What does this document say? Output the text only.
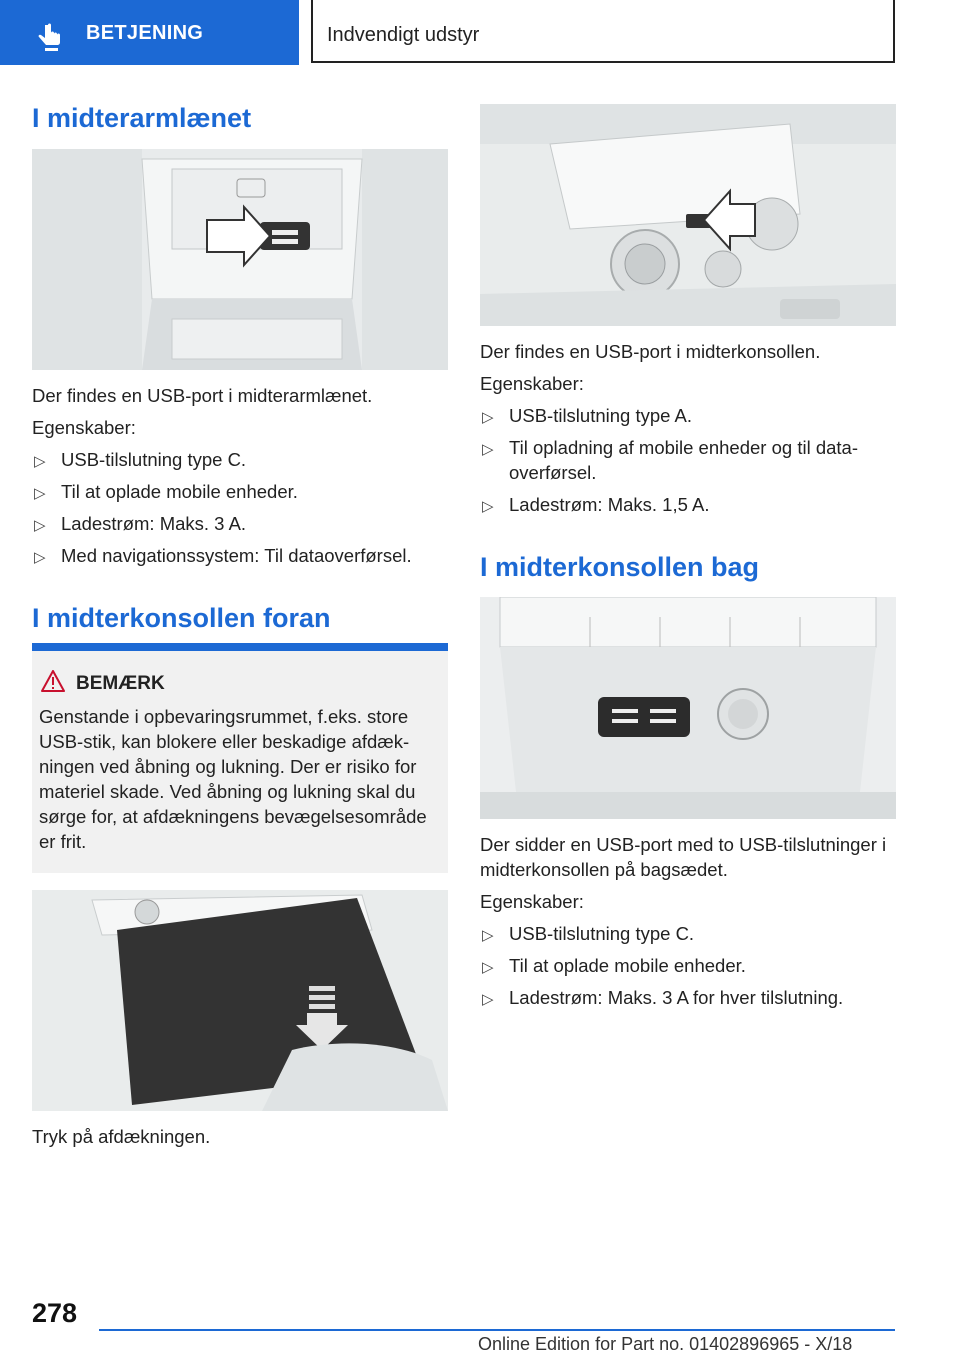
BETJENING	Indvendigt udstyr
I midterarmlænet

Der findes en USB-port i midterarmlænet.

Egenskaber:

▷ USB-tilslutning type C.
▷ Til at oplade mobile enheder.
▷ Ladestrøm: Maks. 3 A.
▷ Med navigationssystem: Til dataoverførsel.
I midterkonsollen foran
BEMÆRK

Genstande i opbevaringsrummet, f.eks. store USB-stik, kan blokere eller beskadige afdækningen ved åbning og lukning. Der er risiko for materiel skade. Ved åbning og lukning skal du sørge for, at afdækningens bevægelsesområde er frit.

Tryk på afdækningen.

Der findes en USB-port i midterkonsollen.

Egenskaber:

▷ USB-tilslutning type A.
▷ Til opladning af mobile enheder og til dataoverførsel.
▷ Ladestrøm: Maks. 1,5 A.
I midterkonsollen bag

Der sidder en USB-port med to USB-tilslutninger i midterkonsollen på bagsædet.

Egenskaber:

▷ USB-tilslutning type C.
▷ Til at oplade mobile enheder.
▷ Ladestrøm: Maks. 3 A for hver tilslutning.
278
Online Edition for Part no. 01402896965 - X/18
